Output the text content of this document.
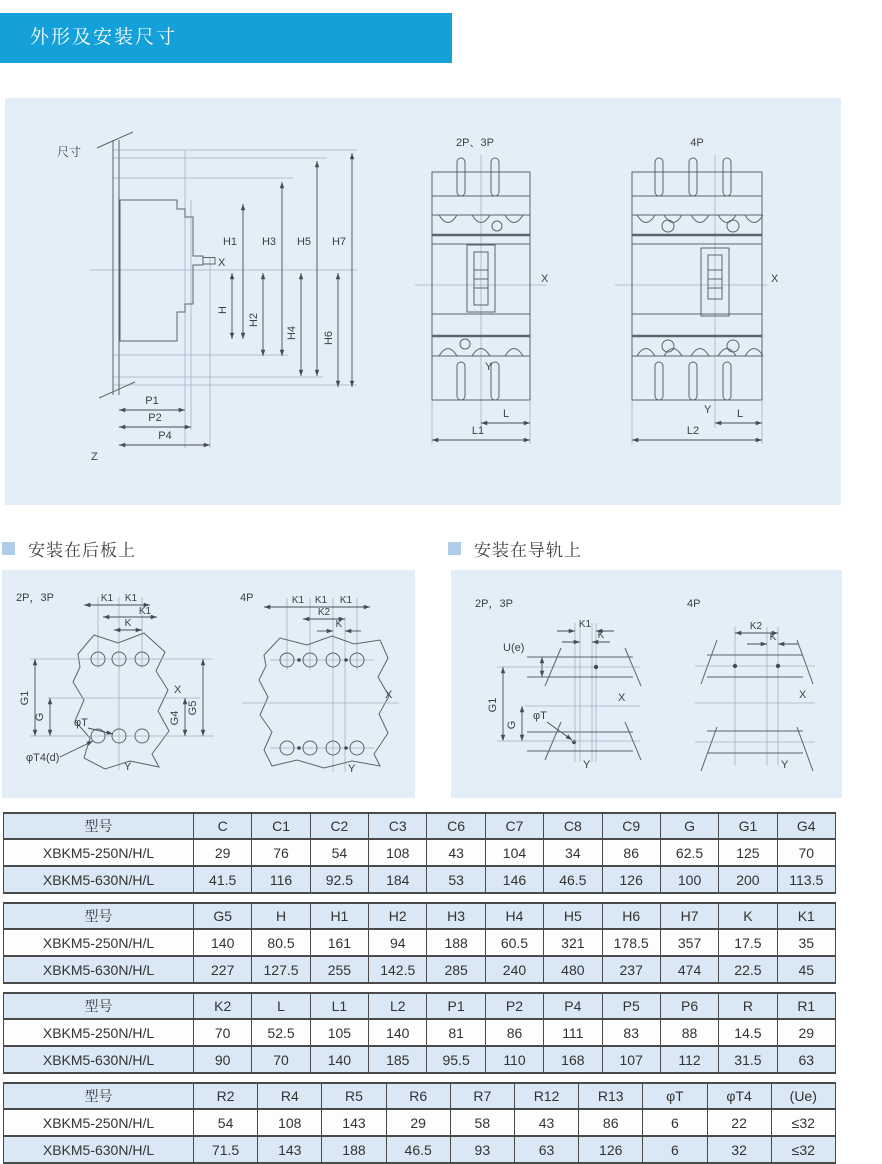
外形及安装尺寸
尺寸
X
H1 H3 H5 H7
H
H2
H4 H6
P1
P2
P4
Z
2P、3P
X
Y
L
L1
4P
X
Y L
L2
安装在后板上	安装在导轨上
2P，3P	K1 K1
K1
K
X
G1
G	G4
G5
Y
φT
φT4(d)
4P	K1 K1 K1
K2
K
X
Y
2P，3P
K1
K
U(e)
G1
G
X
φT
Y
4P
K2
K
X
Y
型号	C	C1	C2	C3	C6	C7	C8	C9	G	G1	G4
XBKM5-250N/H/L	29	76	54	108	43	104	34	86	62.5	125	70
XBKM5-630N/H/L	41.5	116	92.5	184	53	146	46.5	126	100	200	113.5
型号	G5	H	H1	H2	H3	H4	H5	H6	H7	K	K1
XBKM5-250N/H/L	140	80.5	161	94	188	60.5	321	178.5	357	17.5	35
XBKM5-630N/H/L	227	127.5	255	142.5	285	240	480	237	474	22.5	45
型号	K2	L	L1	L2	P1	P2	P4	P5	P6	R	R1
XBKM5-250N/H/L	70	52.5	105	140	81	86	111	83	88	14.5	29
XBKM5-630N/H/L	90	70	140	185	95.5	110	168	107	112	31.5	63
型号	R2	R4	R5	R6	R7	R12	R13	φT	φT4	(Ue)
XBKM5-250N/H/L	54	108	143	29	58	43	86	6	22	≤32
XBKM5-630N/H/L	71.5	143	188	46.5	93	63	126	6	32	≤32
